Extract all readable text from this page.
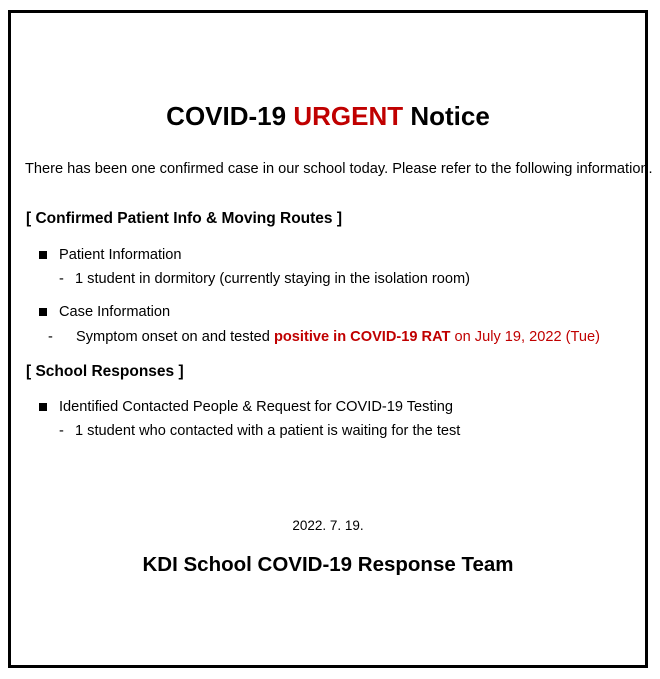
COVID-19 URGENT Notice
There has been one confirmed case in our school today. Please refer to the following information.
[ Confirmed Patient Info & Moving Routes ]
Patient Information
- 1 student in dormitory (currently staying in the isolation room)
Case Information
- Symptom onset on and tested positive in COVID-19 RAT on July 19, 2022 (Tue)
[ School Responses ]
Identified Contacted People & Request for COVID-19 Testing
- 1 student who contacted with a patient is waiting for the test
2022. 7. 19.
KDI School COVID-19 Response Team
